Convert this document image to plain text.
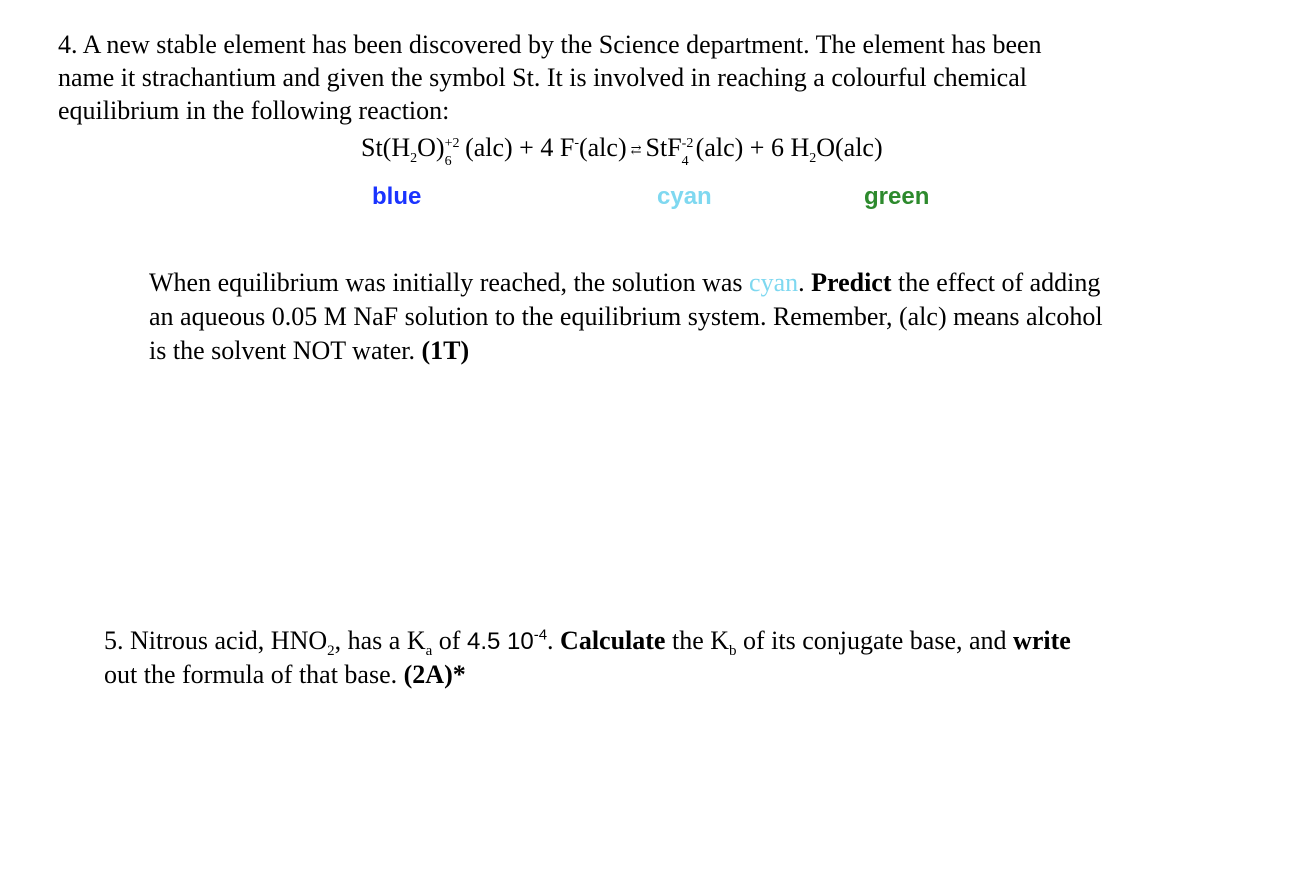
4. A new stable element has been discovered by the Science department. The element has been

name it strachantium and given the symbol St. It is involved in reaching a colourful chemical

equilibrium in the following reaction:

$St(H_2O) +2$
6 (alc) + 4 F-(alc) ⇄ StF -2
4 (alc) + 6 $H_2O(alc)$
blue	cyan	green

When equilibrium was initially reached, the solution was cyan. Predict the effect of adding

an aqueous 0.05 M NaF solution to the equilibrium system. Remember, (alc) means alcohol

is the solvent NOT water. (1T)

5. Nitrous acid, $HNO_2$, has a $K_a$ of 4.5 $10^{-4}$. Calculate the $K_b$ of its conjugate base, and write

out the formula of that base. (2A)*
